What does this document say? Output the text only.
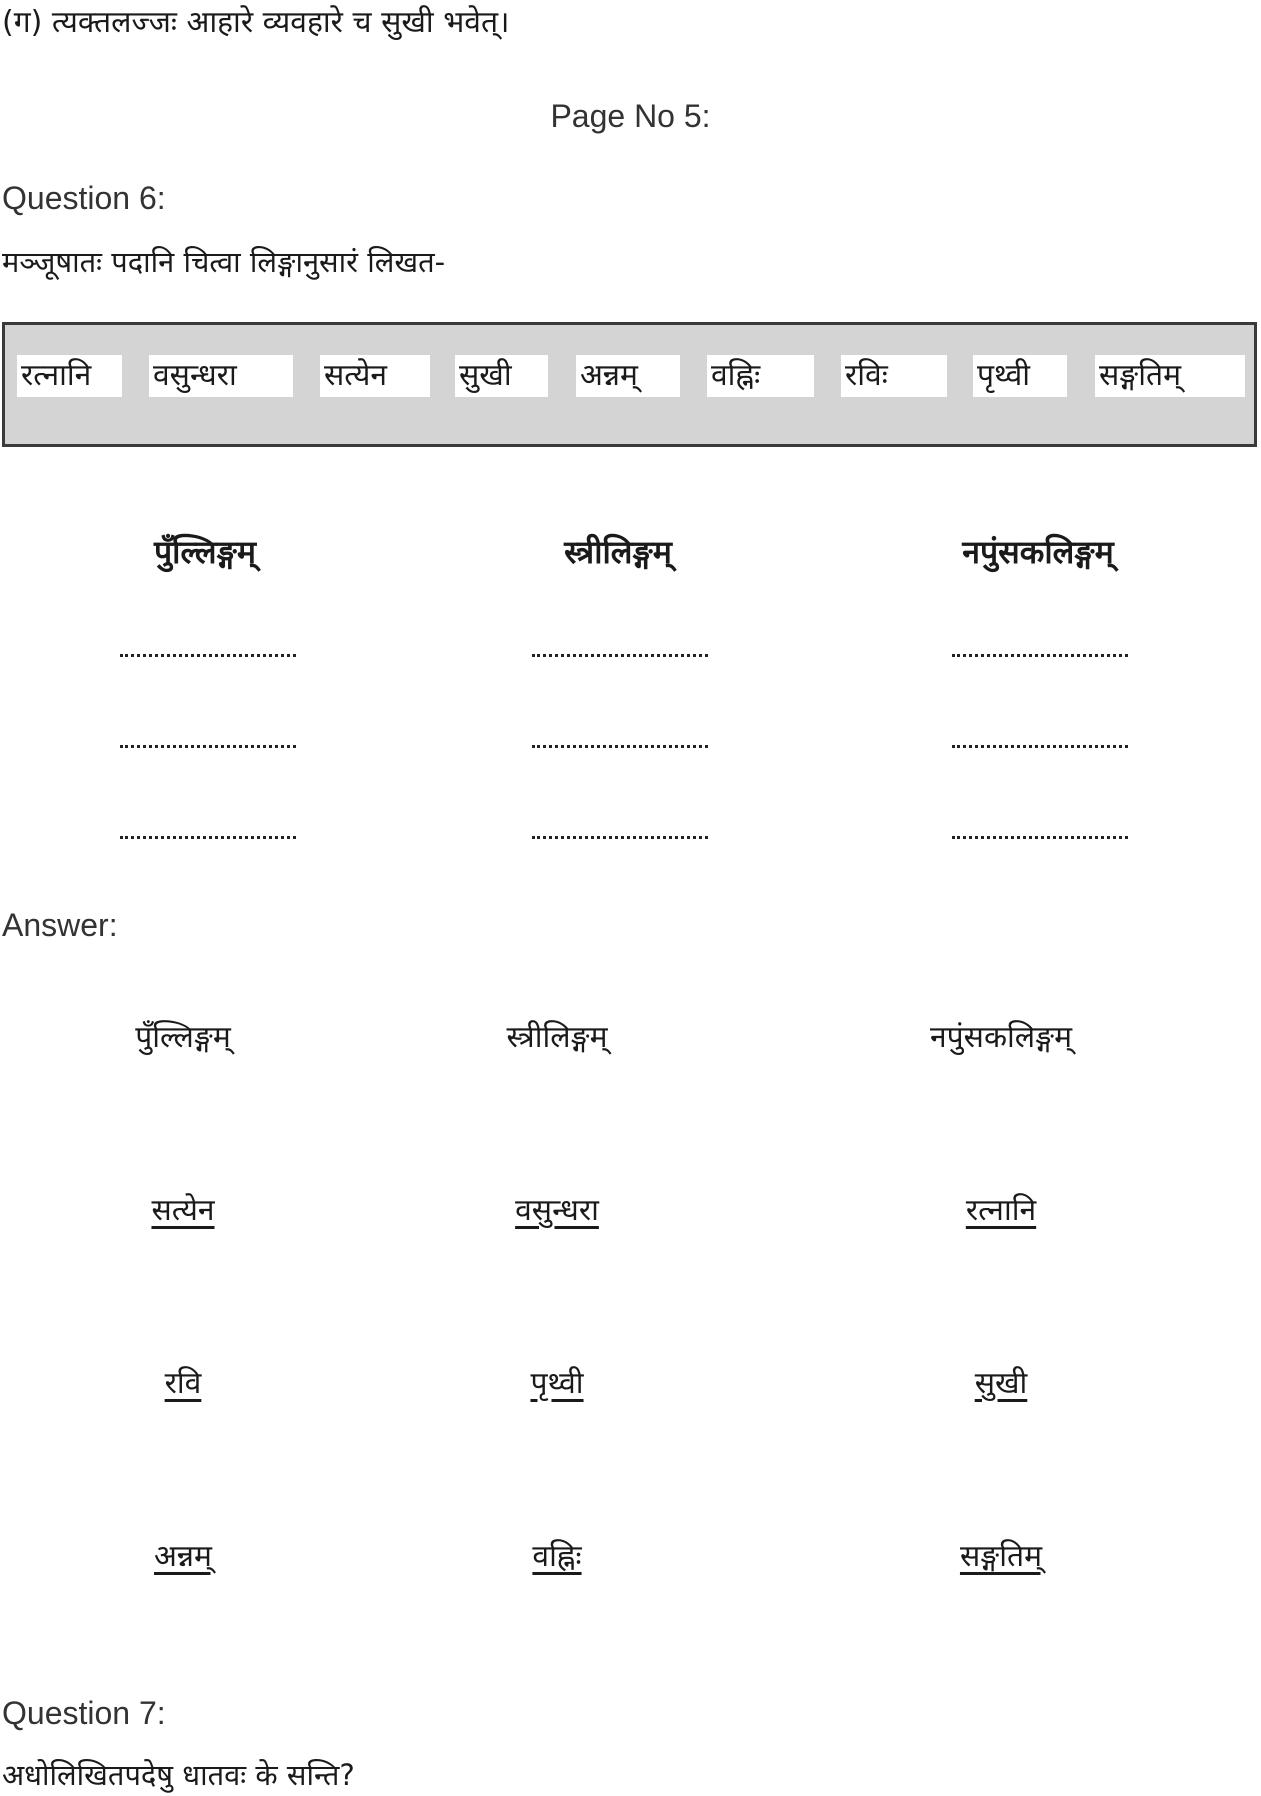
(ग) त्यक्तलज्जः आहारे व्यवहारे च सुखी भवेत्।
Page No 5:
Question 6:
मञ्जूषातः पदानि चित्वा लिङ्गानुसारं लिखत-
रत्नानि	वसुन्धरा	सत्येन	सुखी	अन्नम्	वह्निः	रविः	पृथ्वी	सङ्गतिम्
पुँल्लिङ्गम्	स्त्रीलिङ्गम्	नपुंसकलिङ्गम्
Answer:
पुँल्लिङ्गम्	स्त्रीलिङ्गम्	नपुंसकलिङ्गम्
सत्येन	वसुन्धरा	रत्नानि
रवि	पृथ्वी	सुखी
अन्नम्	वह्निः	सङ्गतिम्
Question 7:
अधोलिखितपदेषु धातवः के सन्ति?
